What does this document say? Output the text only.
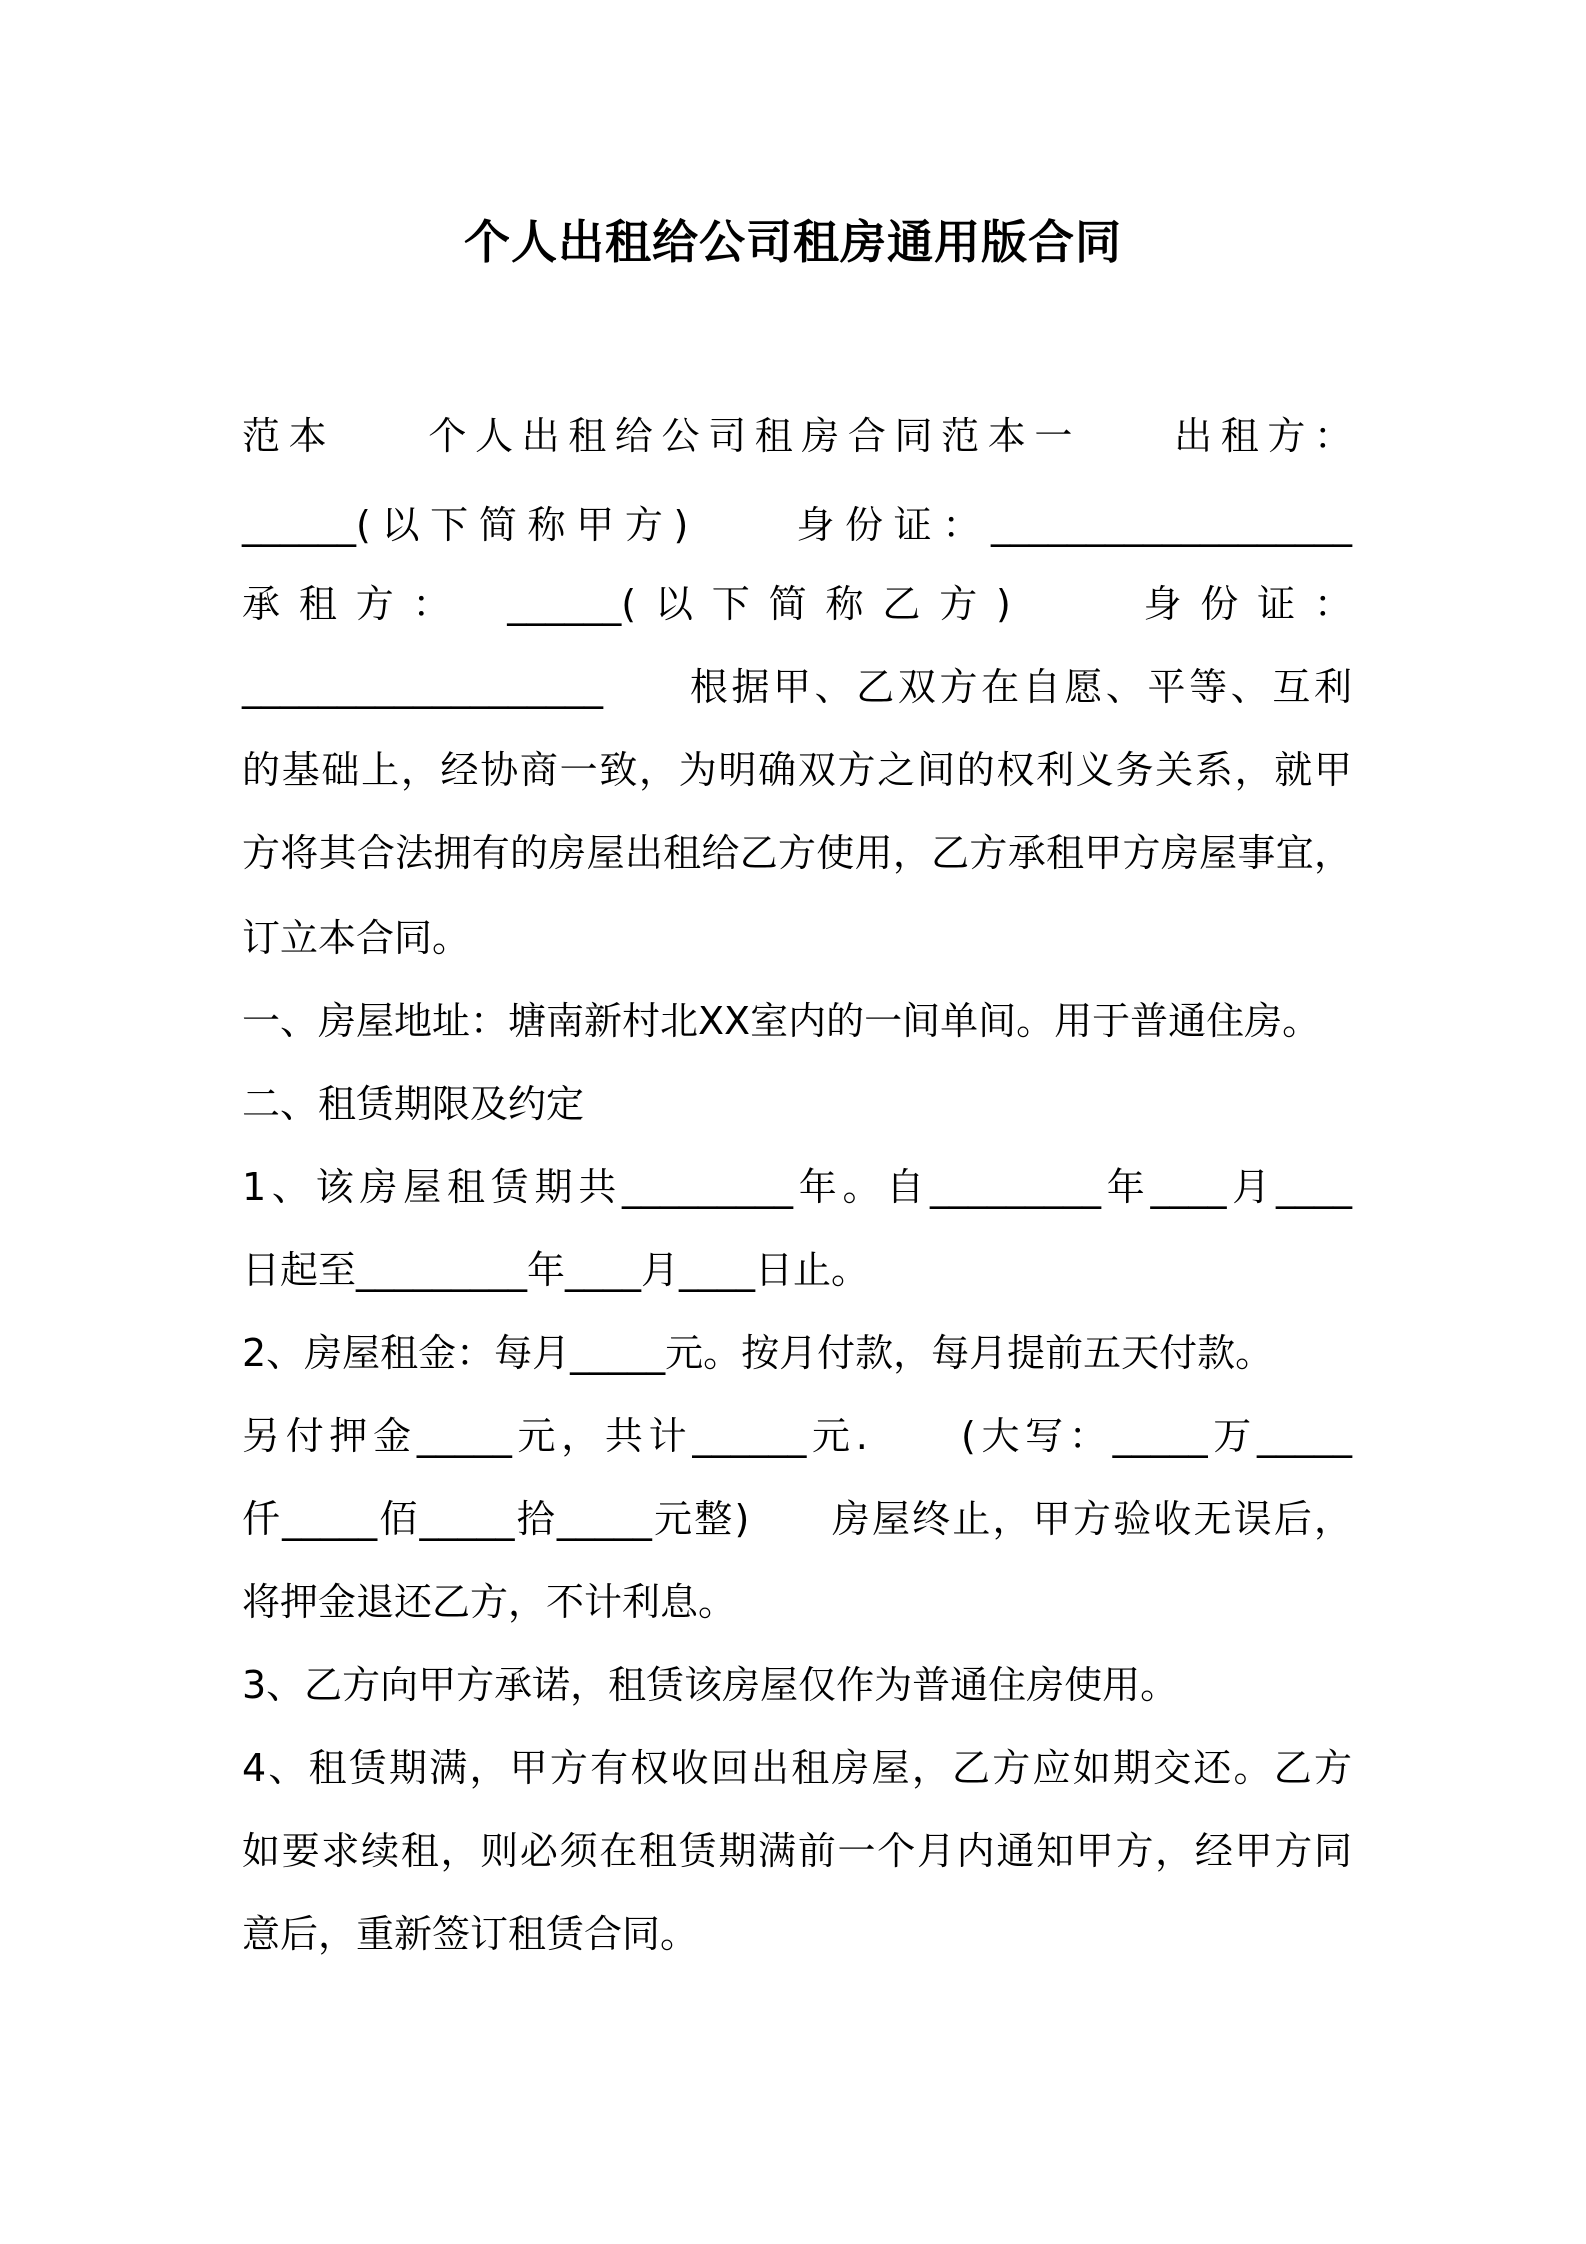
个人出租给公司租房通用版合同
范本　　个人出租给公司租房合同范本一　　出租方：
______(以下简称甲方)　　身份证：___________________
承租方：　______(以下简称乙方)　　身份证：
___________________　　根据甲、乙双方在自愿、平等、互利
的基础上，经协商一致，为明确双方之间的权利义务关系，就甲
方将其合法拥有的房屋出租给乙方使用，乙方承租甲方房屋事宜，
订立本合同。
一、房屋地址：塘南新村北XX室内的一间单间。用于普通住房。
二、租赁期限及约定
1、该房屋租赁期共_________年。自_________年____月____
日起至_________年____月____日止。
2、房屋租金：每月_____元。按月付款，每月提前五天付款。
另付押金_____元，共计______元.　　(大写：_____万_____
仟_____佰_____拾_____元整)　　房屋终止，甲方验收无误后，
将押金退还乙方，不计利息。
3、乙方向甲方承诺，租赁该房屋仅作为普通住房使用。
4、租赁期满，甲方有权收回出租房屋，乙方应如期交还。乙方
如要求续租，则必须在租赁期满前一个月内通知甲方，经甲方同
意后，重新签订租赁合同。
